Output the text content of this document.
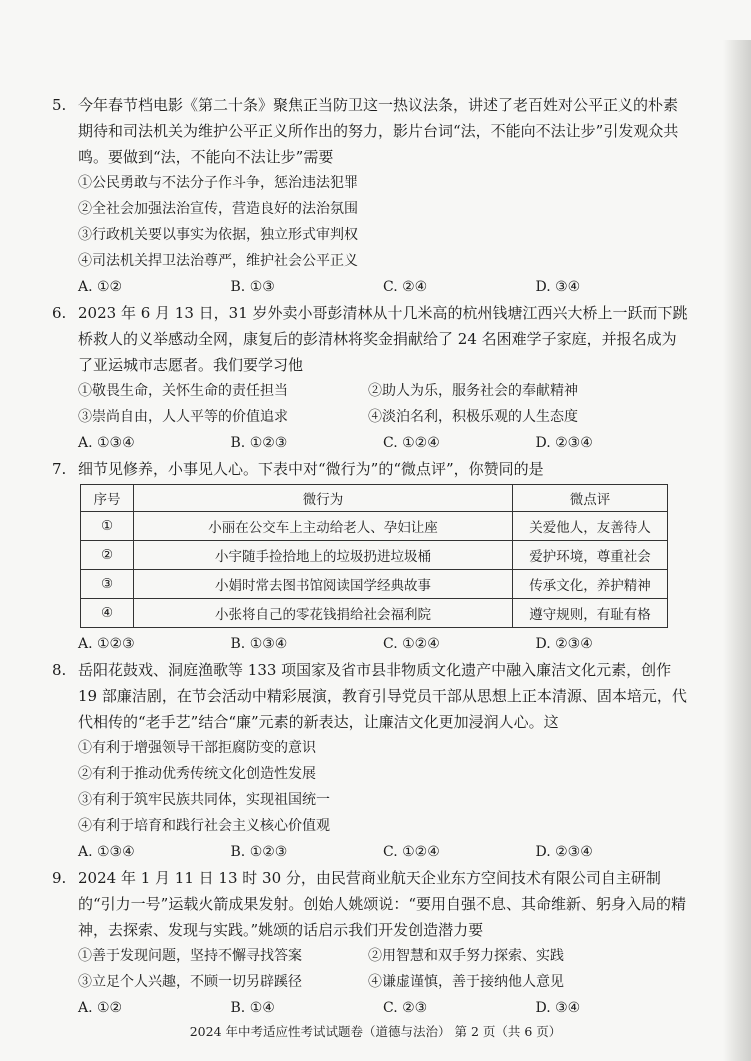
5. 今年春节档电影《第二十条》聚焦正当防卫这一热议法条，讲述了老百姓对公平正义的朴素期待和司法机关为维护公平正义所作出的努力，影片台词“法，不能向不法让步”引发观众共鸣。要做到“法，不能向不法让步”需要
①公民勇敢与不法分子作斗争，惩治违法犯罪
②全社会加强法治宣传，营造良好的法治氛围
③行政机关要以事实为依据，独立形式审判权
④司法机关捍卫法治尊严，维护社会公平正义
A. ①②	B. ①③	C. ②④	D. ③④
6. 2023 年 6 月 13 日，31 岁外卖小哥彭清林从十几米高的杭州钱塘江西兴大桥上一跃而下跳桥救人的义举感动全网，康复后的彭清林将奖金捐献给了 24 名困难学子家庭，并报名成为了亚运城市志愿者。我们要学习他
①敬畏生命，关怀生命的责任担当	②助人为乐，服务社会的奉献精神
③崇尚自由，人人平等的价值追求	④淡泊名利，积极乐观的人生态度
A. ①③④	B. ①②③	C. ①②④	D. ②③④
7. 细节见修养，小事见人心。下表中对“微行为”的“微点评”，你赞同的是
序号	微行为	微点评
①	小丽在公交车上主动给老人、孕妇让座	关爱他人，友善待人
②	小宇随手捡拾地上的垃圾扔进垃圾桶	爱护环境，尊重社会
③	小娟时常去图书馆阅读国学经典故事	传承文化，养护精神
④	小张将自己的零花钱捐给社会福利院	遵守规则，有耻有格
A. ①②③	B. ①③④	C. ①②④	D. ②③④
8. 岳阳花鼓戏、洞庭渔歌等 133 项国家及省市县非物质文化遗产中融入廉洁文化元素，创作 19 部廉洁剧，在节会活动中精彩展演，教育引导党员干部从思想上正本清源、固本培元，代代相传的“老手艺”结合“廉”元素的新表达，让廉洁文化更加浸润人心。这
①有利于增强领导干部拒腐防变的意识
②有利于推动优秀传统文化创造性发展
③有利于筑牢民族共同体，实现祖国统一
④有利于培育和践行社会主义核心价值观
A. ①③④	B. ①②③	C. ①②④	D. ②③④
9. 2024 年 1 月 11 日 13 时 30 分，由民营商业航天企业东方空间技术有限公司自主研制的“引力一号”运载火箭成果发射。创始人姚颂说：“要用自强不息、其命维新、躬身入局的精神，去探索、发现与实践。”姚颂的话启示我们开发创造潜力要
①善于发现问题，坚持不懈寻找答案	②用智慧和双手努力探索、实践
③立足个人兴趣，不顾一切另辟蹊径	④谦虚谨慎，善于接纳他人意见
A. ①②	B. ①④	C. ②③	D. ③④
2024 年中考适应性考试试题卷（道德与法治） 第 2 页（共 6 页）
